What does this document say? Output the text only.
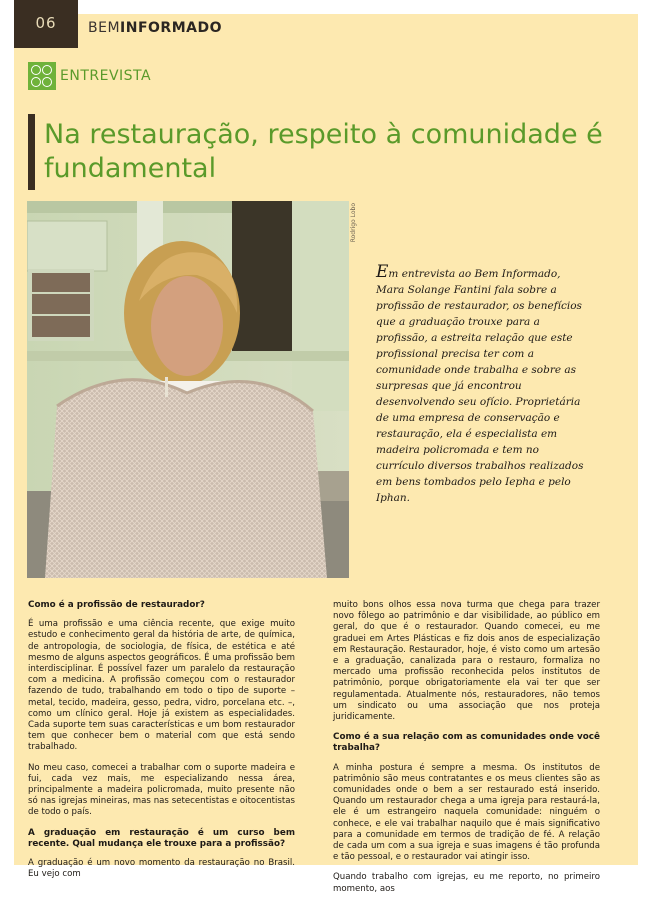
06	BEMINFORMADO
ENTREVISTA
Na restauração, respeito à comunidade é fundamental
Rodrigo Lobo
Em entrevista ao Bem Informado, Mara Solange Fantini fala sobre a profissão de restaurador, os benefícios que a graduação trouxe para a profissão, a estreita relação que este profissional precisa ter com a comunidade onde trabalha e sobre as surpresas que já encontrou desenvolvendo seu ofício. Proprietária de uma empresa de conservação e restauração, ela é especialista em madeira policromada e tem no currículo diversos trabalhos realizados em bens tombados pelo Iepha e pelo Iphan.
Como é a profissão de restaurador?

É uma profissão e uma ciência recente, que exige muito estudo e conhecimento geral da história de arte, de química, de antropologia, de sociologia, de física, de estética e até mesmo de alguns aspectos geográficos. É uma profissão bem interdisciplinar. É possível fazer um paralelo da restauração com a medicina. A profissão começou com o restaurador fazendo de tudo, trabalhando em todo o tipo de suporte – metal, tecido, madeira, gesso, pedra, vidro, porcelana etc. –, como um clínico geral. Hoje já existem as especialidades. Cada suporte tem suas características e um bom restaurador tem que conhecer bem o material com que está sendo trabalhado.

No meu caso, comecei a trabalhar com o suporte madeira e fui, cada vez mais, me especializando nessa área, principalmente a madeira policromada, muito presente não só nas igrejas mineiras, mas nas setecentistas e oitocentistas de todo o país.

A graduação em restauração é um curso bem recente. Qual mudança ele trouxe para a profissão?

A graduação é um novo momento da restauração no Brasil. Eu vejo com

muito bons olhos essa nova turma que chega para trazer novo fôlego ao patrimônio e dar visibilidade, ao público em geral, do que é o restaurador. Quando comecei, eu me graduei em Artes Plásticas e fiz dois anos de especialização em Restauração. Restaurador, hoje, é visto como um artesão e a graduação, canalizada para o restauro, formaliza no mercado uma profissão reconhecida pelos institutos de patrimônio, porque obrigatoriamente ela vai ter que ser regulamentada. Atualmente nós, restauradores, não temos um sindicato ou uma associação que nos proteja juridicamente.

Como é a sua relação com as comunidades onde você trabalha?

A minha postura é sempre a mesma. Os institutos de patrimônio são meus contratantes e os meus clientes são as comunidades onde o bem a ser restaurado está inserido. Quando um restaurador chega a uma igreja para restaurá-la, ele é um estrangeiro naquela comunidade: ninguém o conhece, e ele vai trabalhar naquilo que é mais significativo para a comunidade em termos de tradição de fé. A relação de cada um com a sua igreja e suas imagens é tão profunda e tão pessoal, e o restaurador vai atingir isso.

Quando trabalho com igrejas, eu me reporto, no primeiro momento, aos
